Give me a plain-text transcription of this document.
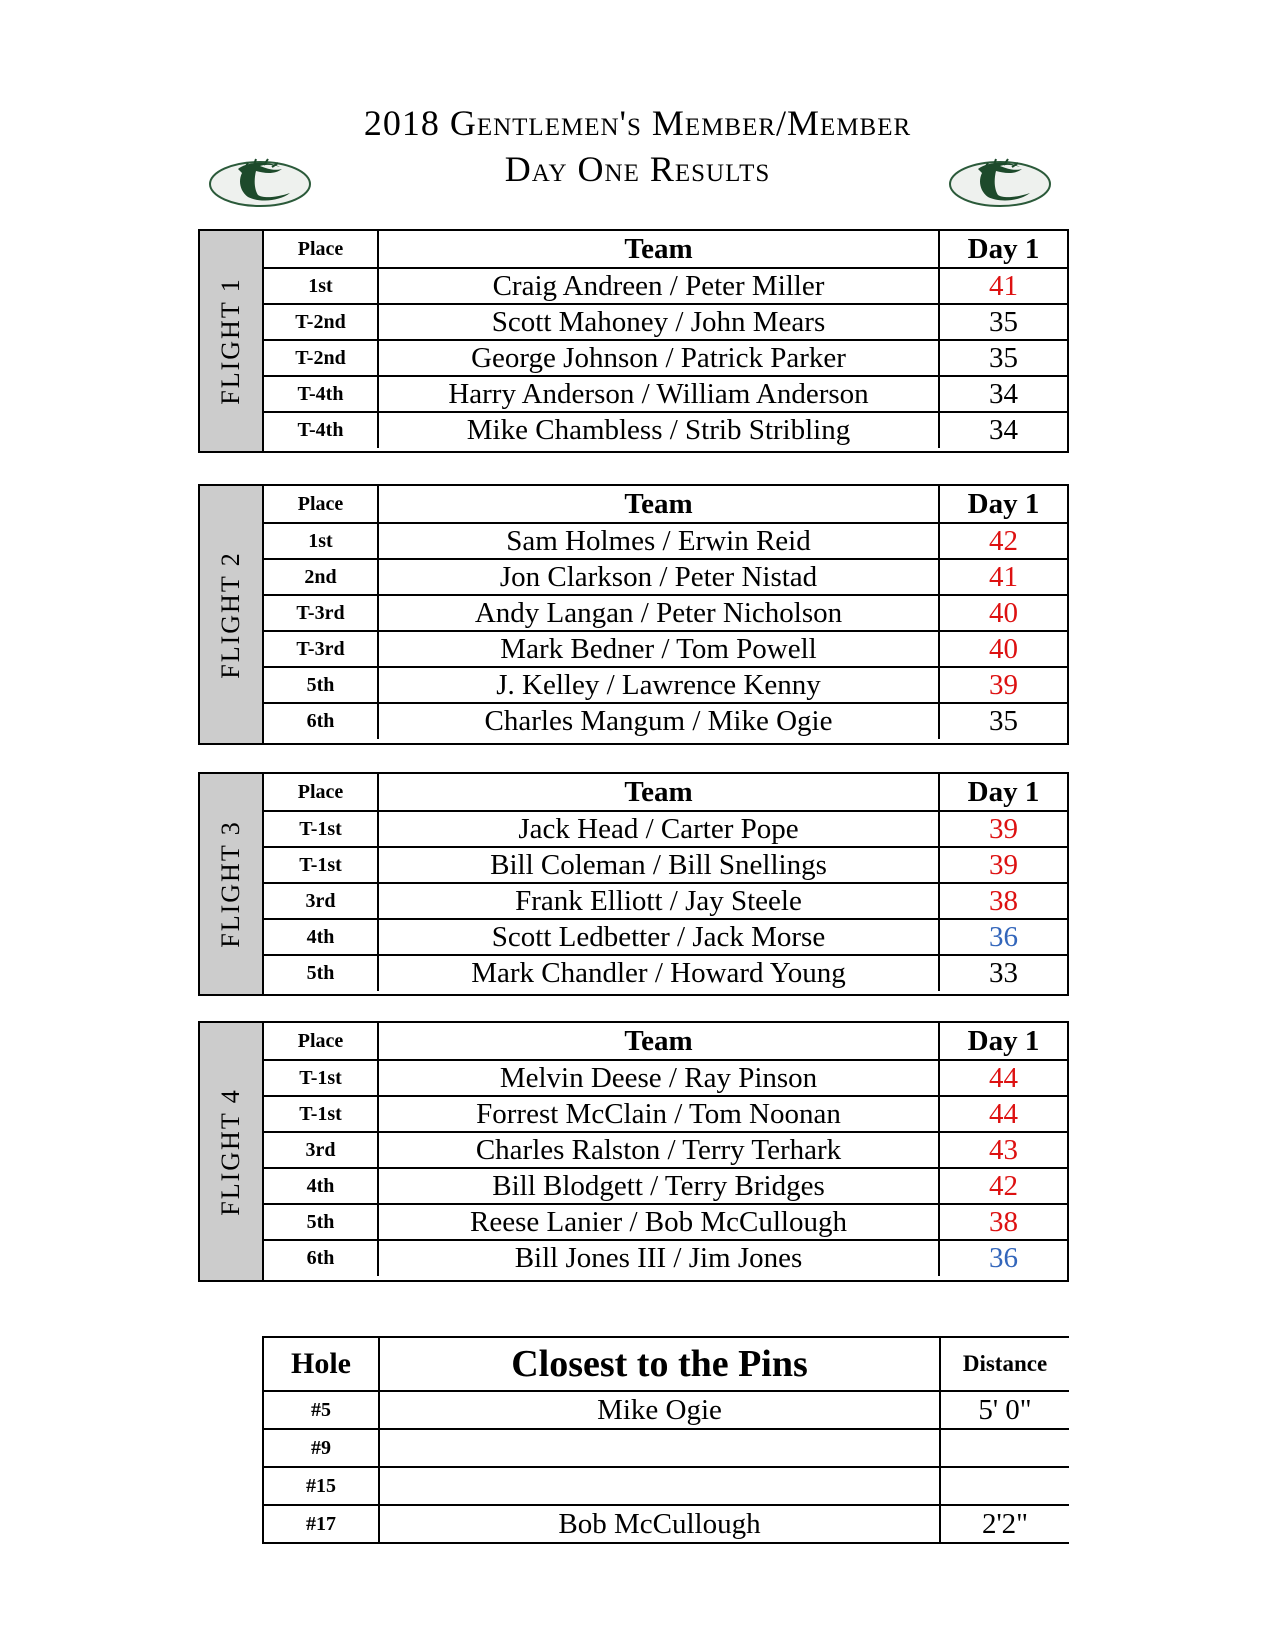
2018 Gentlemen's Member/Member
Day One Results
FLIGHT 1
Place	Team	Day 1
1st	Craig Andreen / Peter Miller	41
T-2nd	Scott Mahoney / John Mears	35
T-2nd	George Johnson / Patrick Parker	35
T-4th	Harry Anderson / William Anderson	34
T-4th	Mike Chambless / Strib Stribling	34
FLIGHT 2
Place	Team	Day 1
1st	Sam Holmes / Erwin Reid	42
2nd	Jon Clarkson / Peter Nistad	41
T-3rd	Andy Langan / Peter Nicholson	40
T-3rd	Mark Bedner / Tom Powell	40
5th	J. Kelley / Lawrence Kenny	39
6th	Charles Mangum / Mike Ogie	35
FLIGHT 3
Place	Team	Day 1
T-1st	Jack Head / Carter Pope	39
T-1st	Bill Coleman / Bill Snellings	39
3rd	Frank Elliott / Jay Steele	38
4th	Scott Ledbetter / Jack Morse	36
5th	Mark Chandler / Howard Young	33
FLIGHT 4
Place	Team	Day 1
T-1st	Melvin Deese / Ray Pinson	44
T-1st	Forrest McClain / Tom Noonan	44
3rd	Charles Ralston / Terry Terhark	43
4th	Bill Blodgett / Terry Bridges	42
5th	Reese Lanier / Bob McCullough	38
6th	Bill Jones III / Jim Jones	36
Hole	Closest to the Pins	Distance
#5	Mike Ogie	5' 0"
#9		
#15		
#17	Bob McCullough	2'2"
